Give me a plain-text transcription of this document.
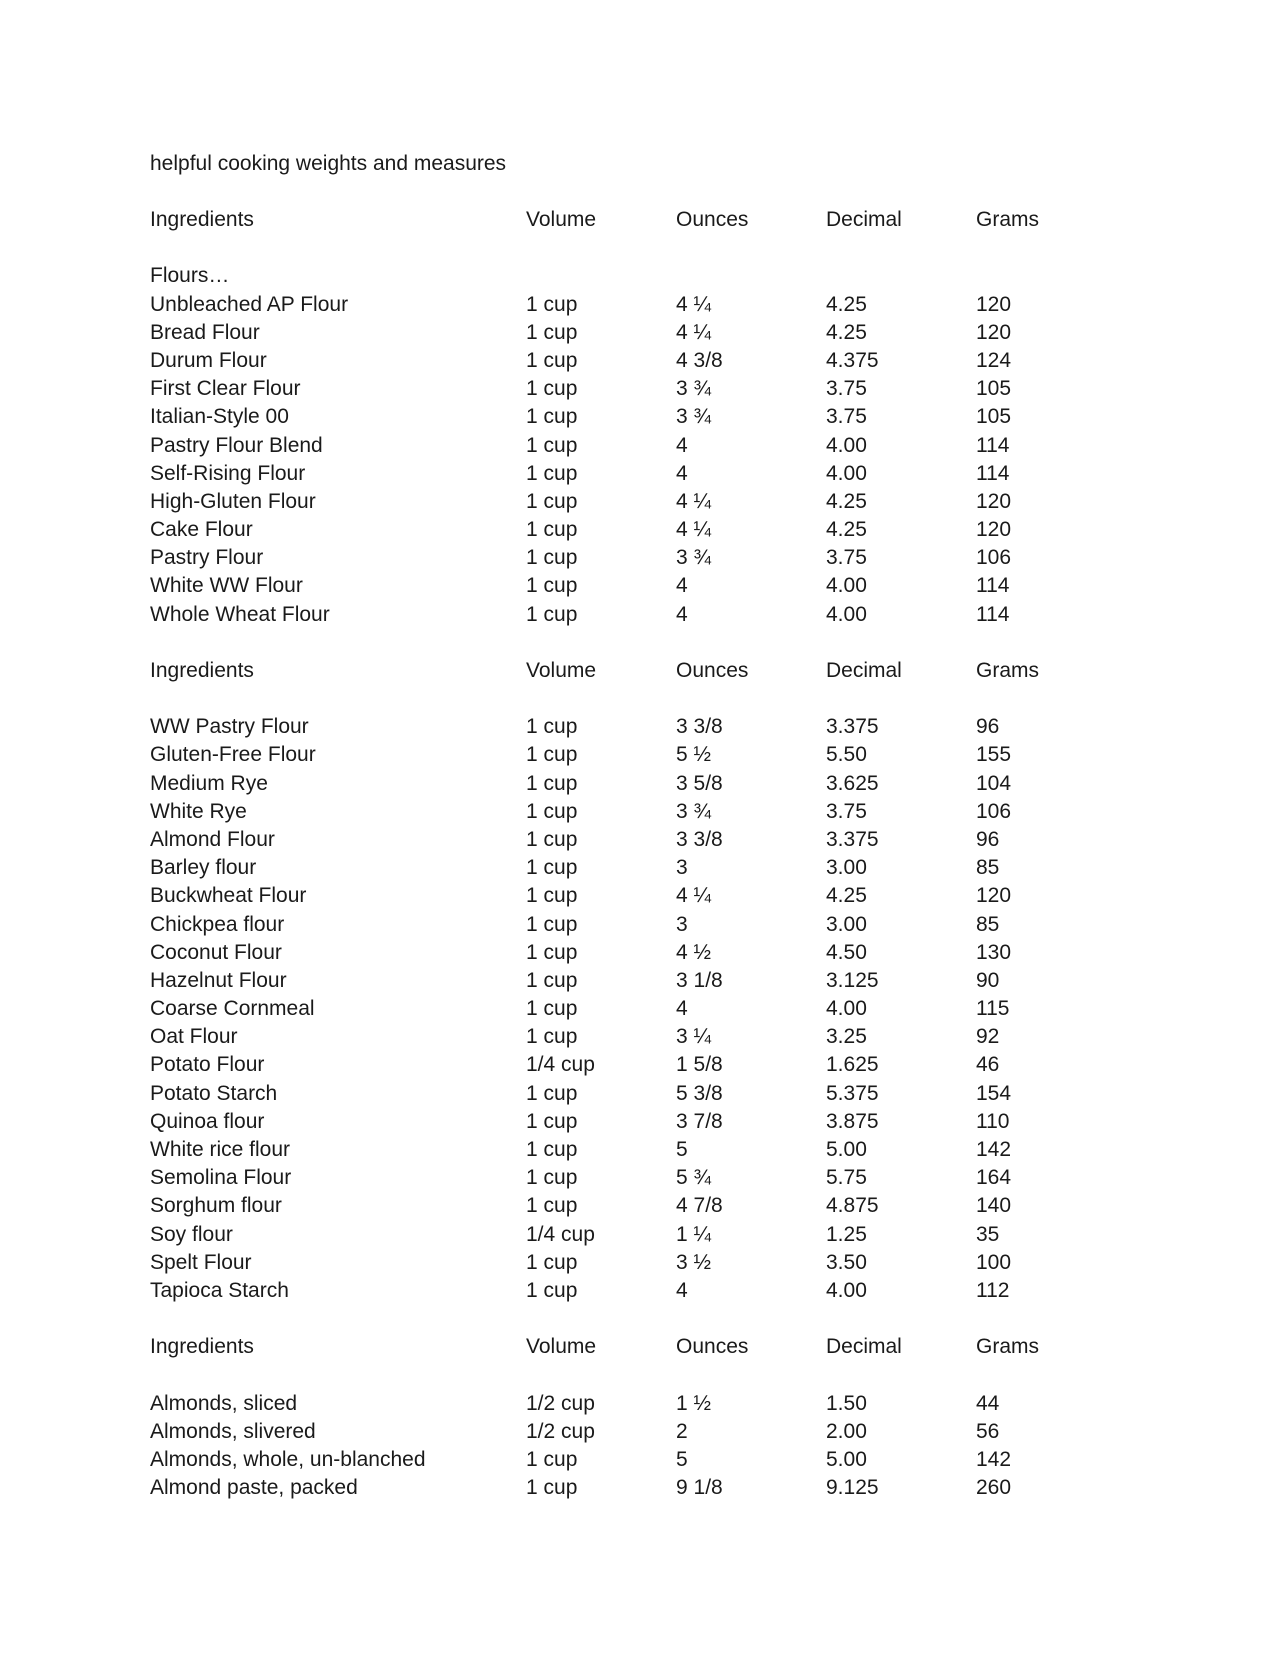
helpful cooking weights and measures
Ingredients	Volume	Ounces	Decimal	Grams
Flours…
Unbleached AP Flour	1 cup	4 ¼	4.25	120
Bread Flour	1 cup	4 ¼	4.25	120
Durum Flour	1 cup	4 3/8	4.375	124
First Clear Flour	1 cup	3 ¾	3.75	105
Italian-Style 00	1 cup	3 ¾	3.75	105
Pastry Flour Blend	1 cup	4	4.00	114
Self-Rising Flour	1 cup	4	4.00	114
High-Gluten Flour	1 cup	4 ¼	4.25	120
Cake Flour	1 cup	4 ¼	4.25	120
Pastry Flour	1 cup	3 ¾	3.75	106
White WW Flour	1 cup	4	4.00	114
Whole Wheat Flour	1 cup	4	4.00	114
Ingredients	Volume	Ounces	Decimal	Grams
WW Pastry Flour	1 cup	3 3/8	3.375	96
Gluten-Free Flour	1 cup	5 ½	5.50	155
Medium Rye	1 cup	3 5/8	3.625	104
White Rye	1 cup	3 ¾	3.75	106
Almond Flour	1 cup	3 3/8	3.375	96
Barley flour	1 cup	3	3.00	85
Buckwheat Flour	1 cup	4 ¼	4.25	120
Chickpea flour	1 cup	3	3.00	85
Coconut Flour	1 cup	4 ½	4.50	130
Hazelnut Flour	1 cup	3 1/8	3.125	90
Coarse Cornmeal	1 cup	4	4.00	115
Oat Flour	1 cup	3 ¼	3.25	92
Potato Flour	1/4 cup	1 5/8	1.625	46
Potato Starch	1 cup	5 3/8	5.375	154
Quinoa flour	1 cup	3 7/8	3.875	110
White rice flour	1 cup	5	5.00	142
Semolina Flour	1 cup	5 ¾	5.75	164
Sorghum flour	1 cup	4 7/8	4.875	140
Soy flour	1/4 cup	1 ¼	1.25	35
Spelt Flour	1 cup	3 ½	3.50	100
Tapioca Starch	1 cup	4	4.00	112
Ingredients	Volume	Ounces	Decimal	Grams
Almonds, sliced	1/2 cup	1 ½	1.50	44
Almonds, slivered	1/2 cup	2	2.00	56
Almonds, whole, un-blanched	1 cup	5	5.00	142
Almond paste, packed	1 cup	9 1/8	9.125	260
